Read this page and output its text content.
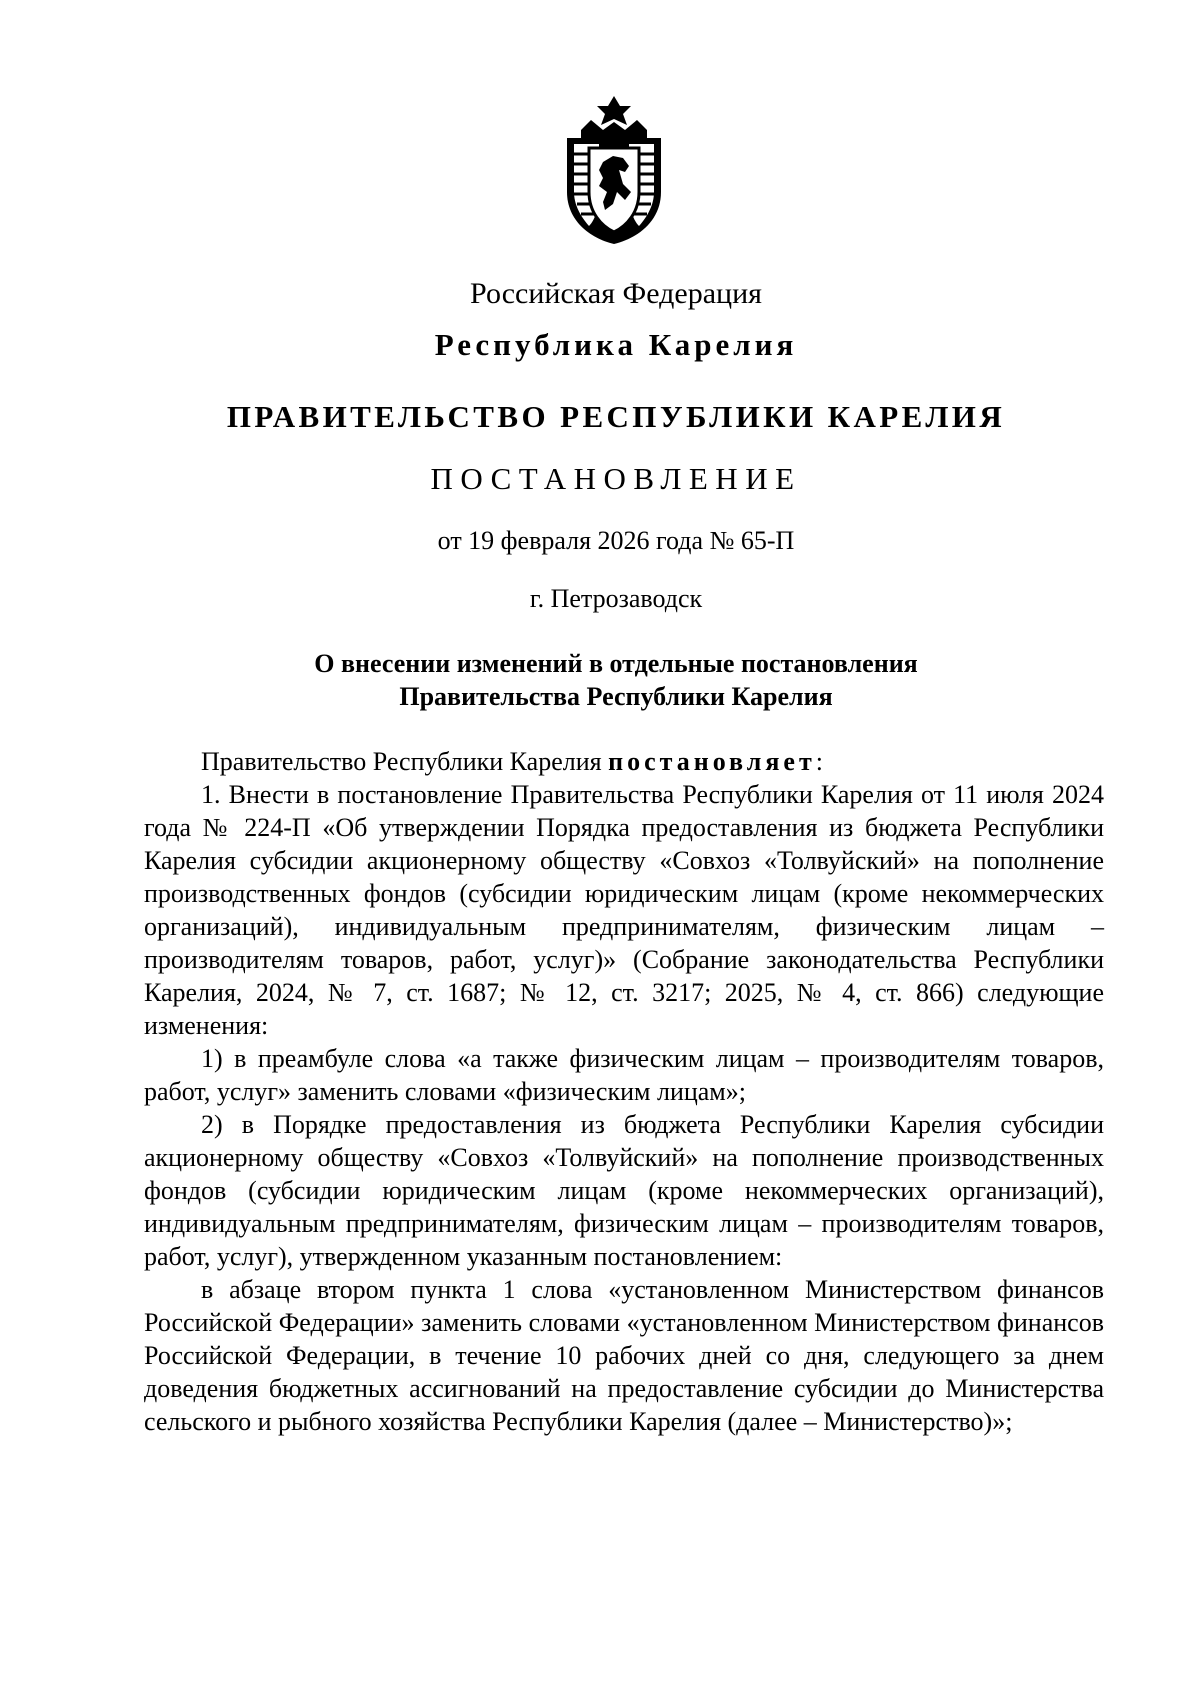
Российская Федерация
Республика Карелия
ПРАВИТЕЛЬСТВО РЕСПУБЛИКИ КАРЕЛИЯ
ПОСТАНОВЛЕНИЕ
от 19 февраля 2026 года № 65-П
г. Петрозаводск
О внесении изменений в отдельные постановления
Правительства Республики Карелия

Правительство Республики Карелия постановляет:

1. Внести в постановление Правительства Республики Карелия от 11 июля 2024 года № 224-П «Об утверждении Порядка предоставления из бюджета Республики Карелия субсидии акционерному обществу «Совхоз «Толвуйский» на пополнение производственных фондов (субсидии юридическим лицам (кроме некоммерческих организаций), индивидуальным предпринимателям, физическим лицам – производителям товаров, работ, услуг)» (Собрание законодательства Республики Карелия, 2024, № 7, ст. 1687; № 12, ст. 3217; 2025, № 4, ст. 866) следующие изменения:

1) в преамбуле слова «а также физическим лицам – производителям товаров, работ, услуг» заменить словами «физическим лицам»;

2) в Порядке предоставления из бюджета Республики Карелия субсидии акционерному обществу «Совхоз «Толвуйский» на пополнение производственных фондов (субсидии юридическим лицам (кроме некоммерческих организаций), индивидуальным предпринимателям, физическим лицам – производителям товаров, работ, услуг), утвержденном указанным постановлением:

в абзаце втором пункта 1 слова «установленном Министерством финансов Российской Федерации» заменить словами «установленном Министерством финансов Российской Федерации, в течение 10 рабочих дней со дня, следующего за днем доведения бюджетных ассигнований на предоставление субсидии до Министерства сельского и рыбного хозяйства Республики Карелия (далее – Министерство)»;
